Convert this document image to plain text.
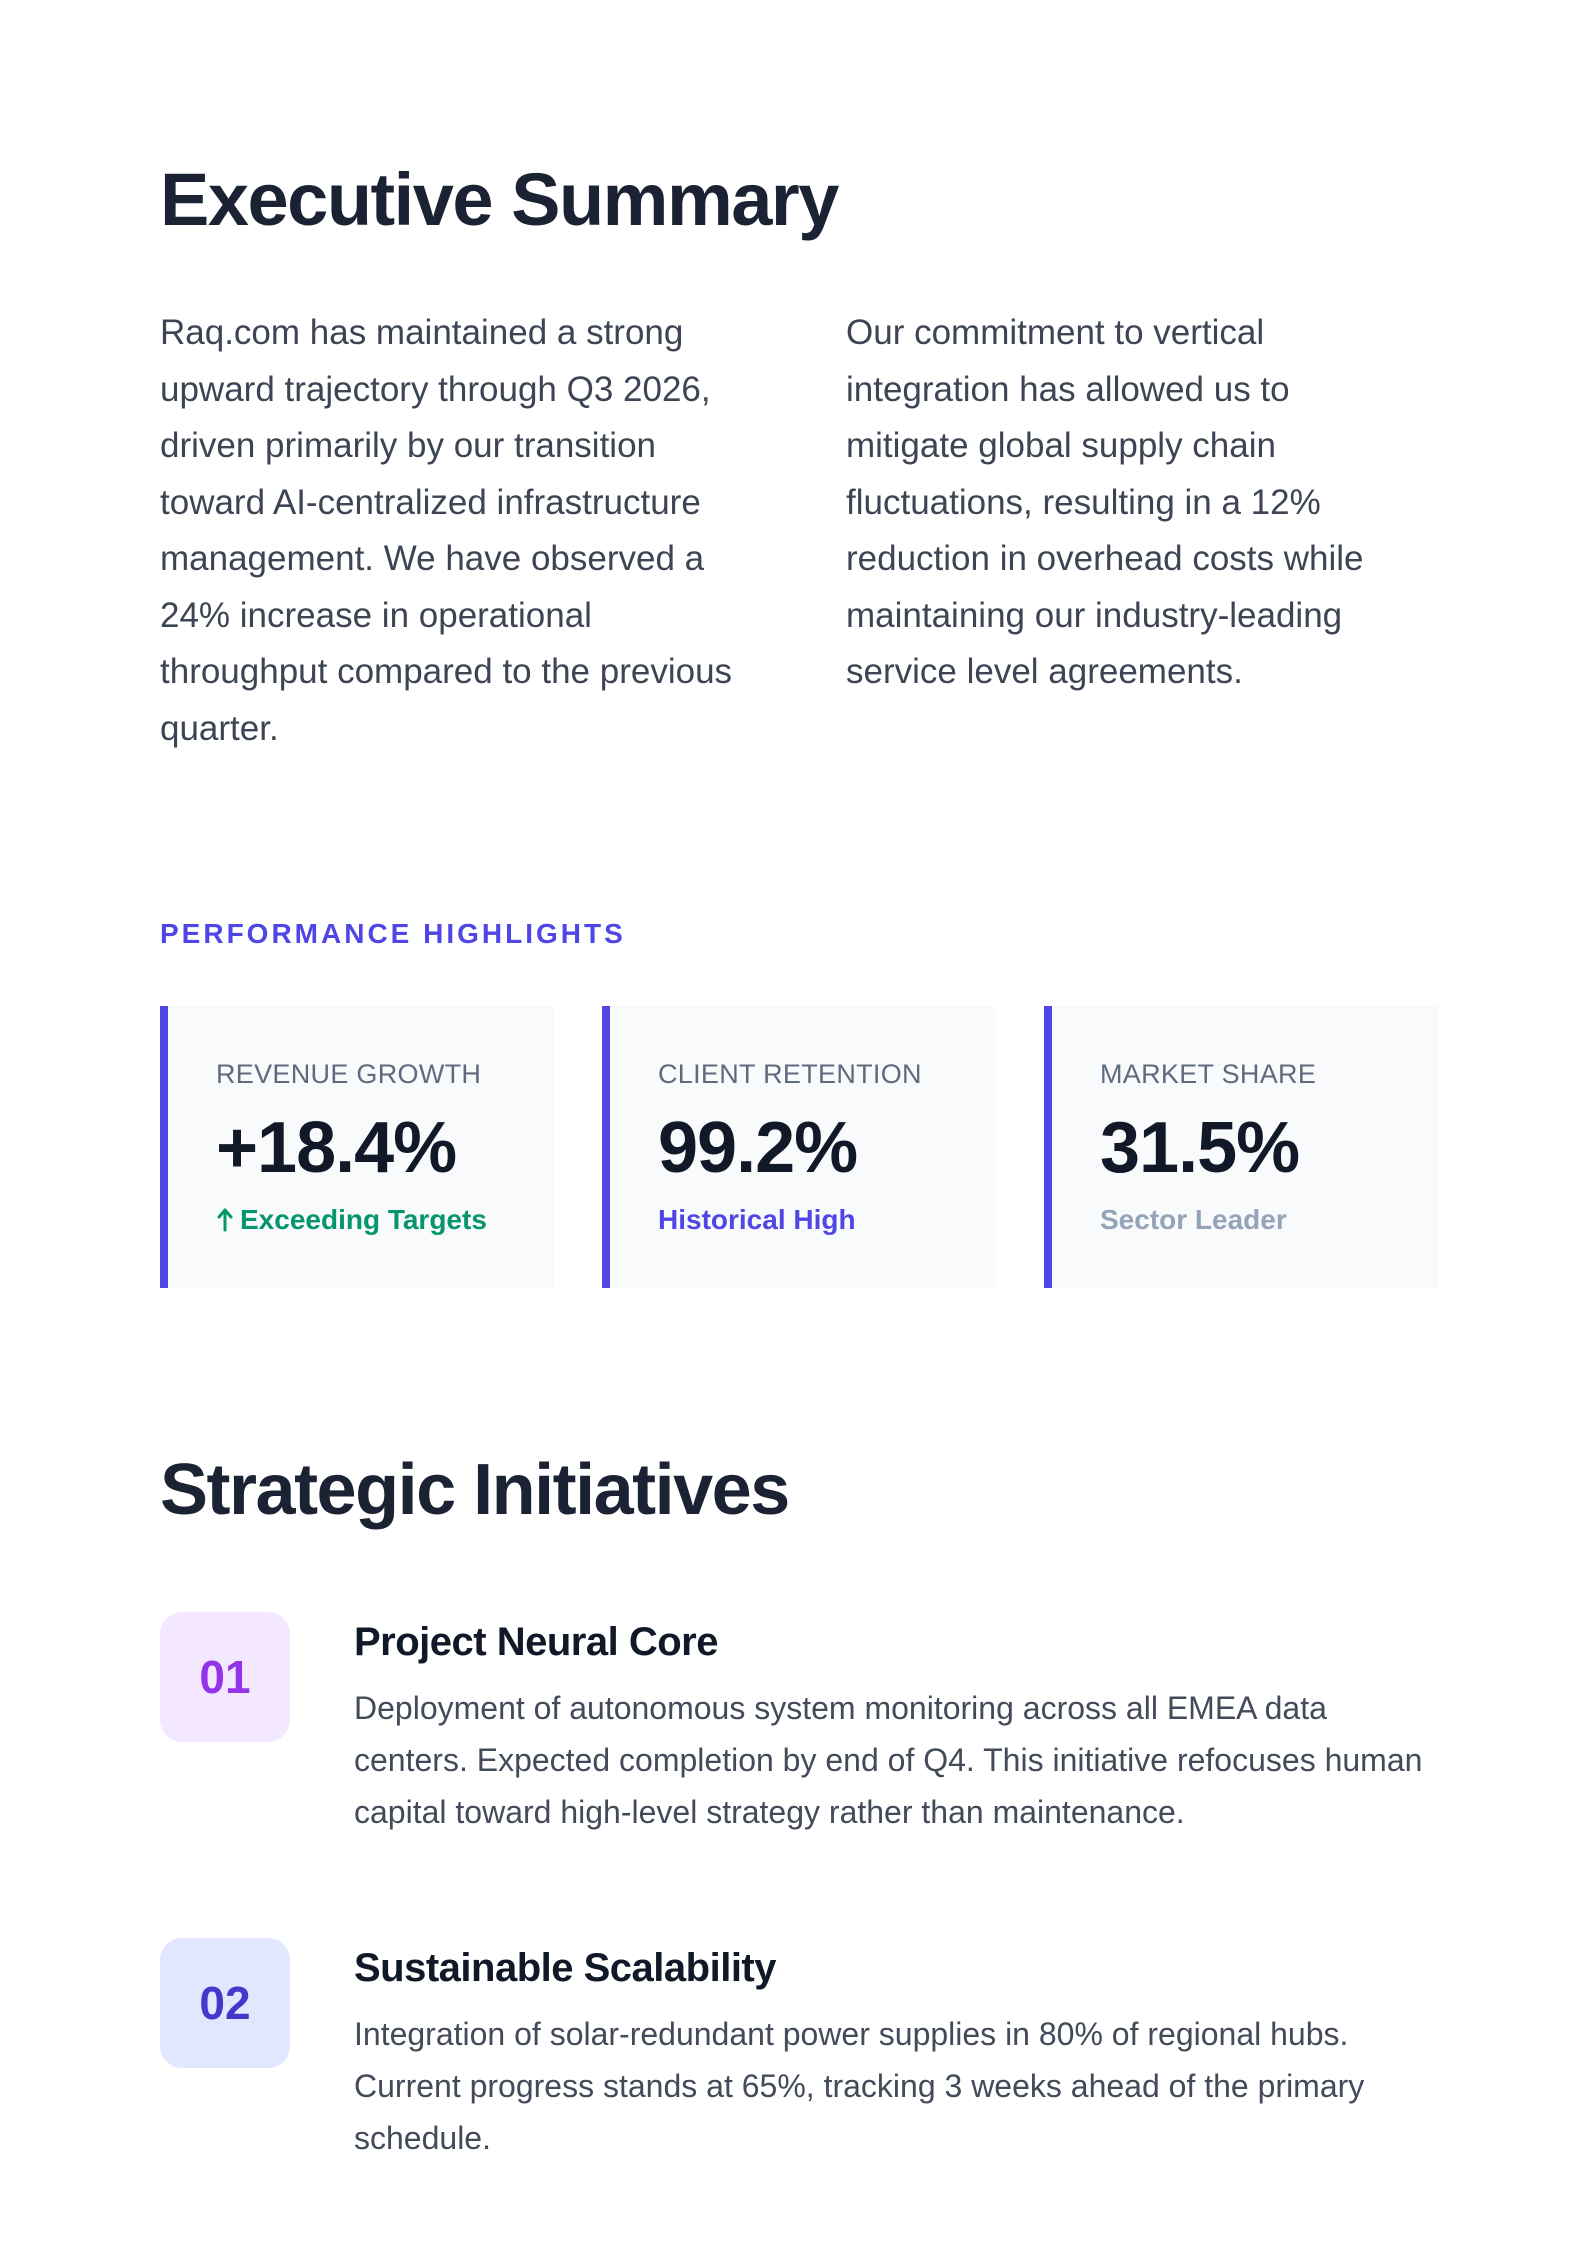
Executive Summary

Raq.com has maintained a strong upward trajectory through Q3 2026, driven primarily by our transition toward AI-centralized infrastructure management. We have observed a 24% increase in operational throughput compared to the previous quarter.

Our commitment to vertical integration has allowed us to mitigate global supply chain fluctuations, resulting in a 12% reduction in overhead costs while maintaining our industry-leading service level agreements.

PERFORMANCE HIGHLIGHTS
REVENUE GROWTH
+18.4%
Exceeding Targets
CLIENT RETENTION
99.2%
Historical High
MARKET SHARE
31.5%
Sector Leader
Strategic Initiatives
01
Project Neural Core
Deployment of autonomous system monitoring across all EMEA data centers. Expected completion by end of Q4. This initiative refocuses human capital toward high-level strategy rather than maintenance.
02
Sustainable Scalability
Integration of solar-redundant power supplies in 80% of regional hubs. Current progress stands at 65%, tracking 3 weeks ahead of the primary schedule.
